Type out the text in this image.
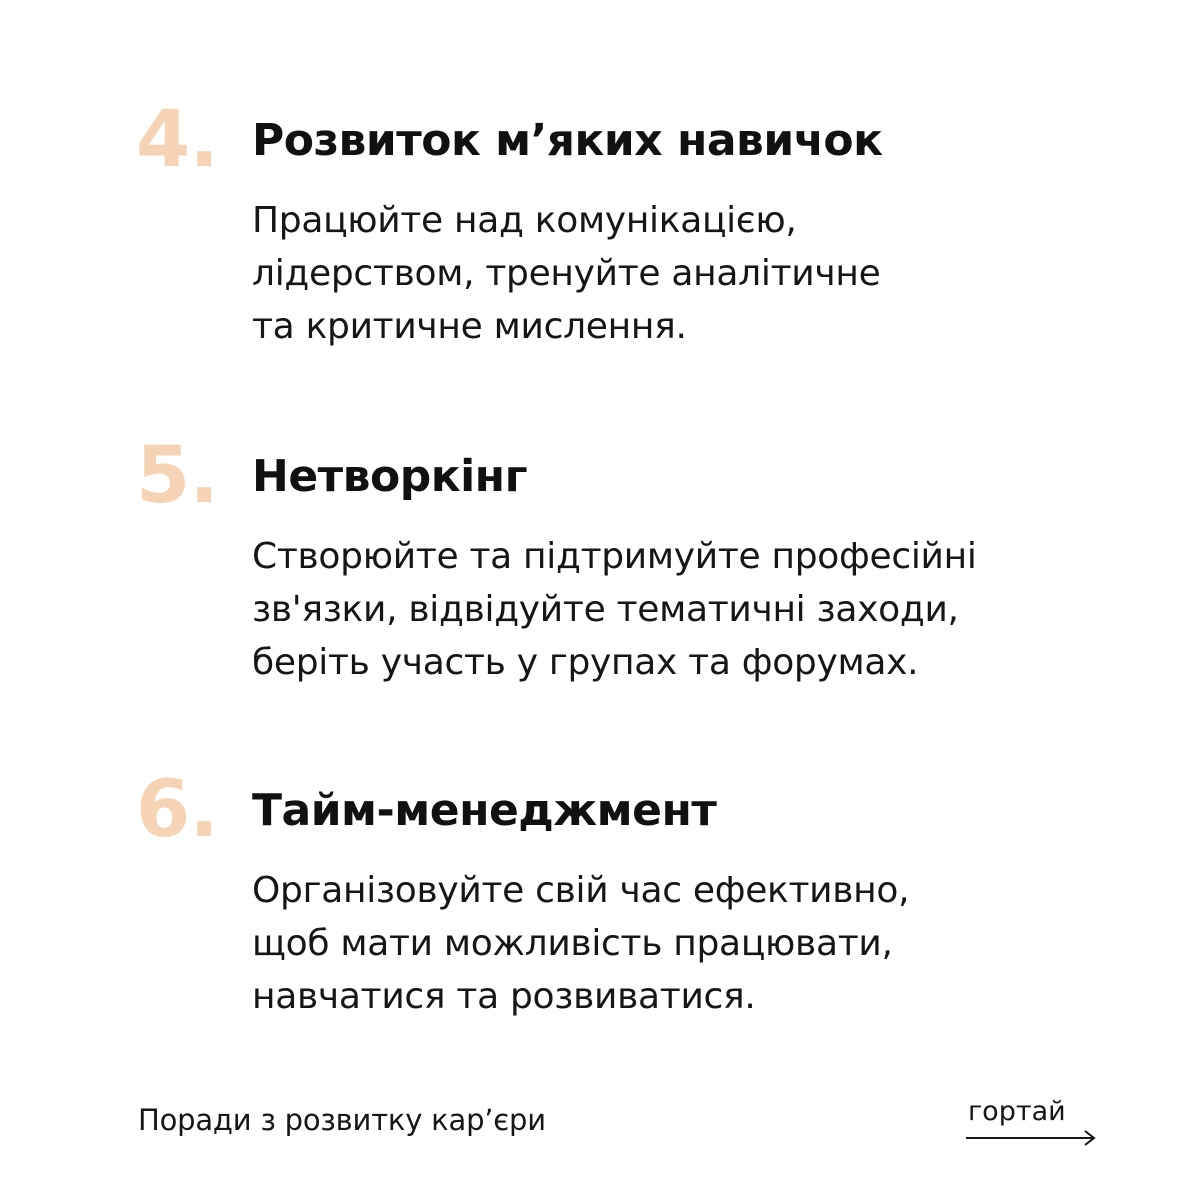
4. Розвиток м’яких навичок
Працюйте над комунікацією,
лідерством, тренуйте аналітичне
та критичне мислення.
5. Нетворкінг
Створюйте та підтримуйте професійні
зв'язки, відвідуйте тематичні заходи,
беріть участь у групах та форумах.
6. Тайм-менеджмент
Організовуйте свій час ефективно,
щоб мати можливість працювати,
навчатися та розвиватися.
Поради з розвитку кар’єри	гортай
